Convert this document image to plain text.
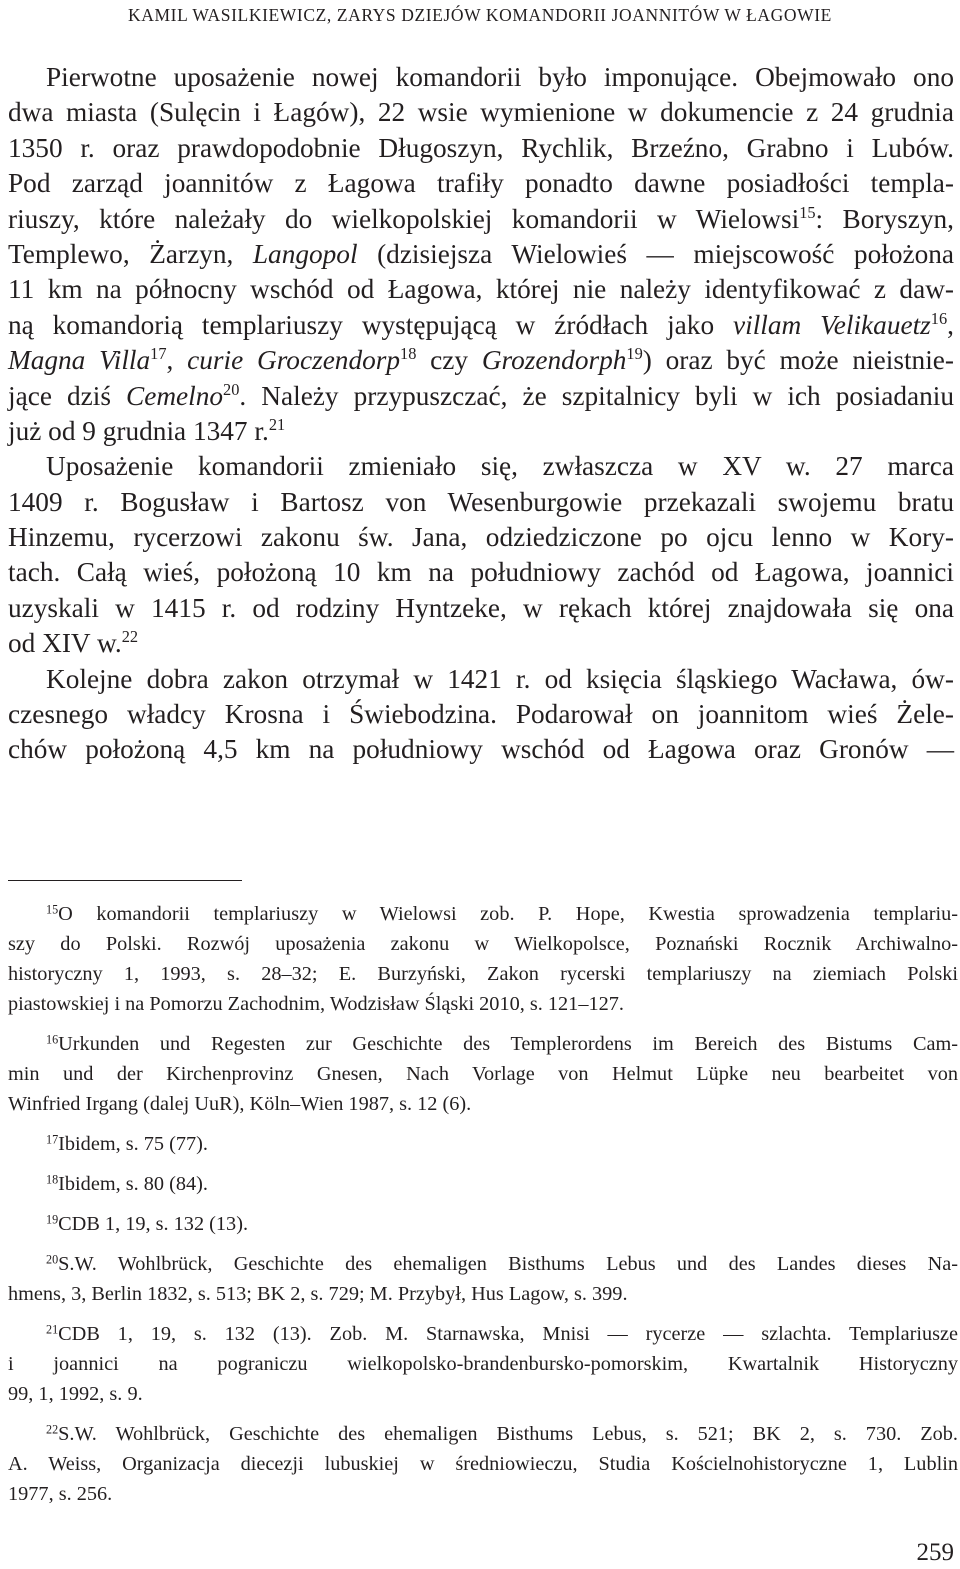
KAMIL WASILKIEWICZ, ZARYS DZIEJÓW KOMANDORII JOANNITÓW W ŁAGOWIE
Pierwotne uposażenie nowej komandorii było imponujące. Obejmowało ono
dwa miasta (Sulęcin i Łagów), 22 wsie wymienione w dokumencie z 24 grudnia
1350 r. oraz prawdopodobnie Długoszyn, Rychlik, Brzeźno, Grabno i Lubów.
Pod zarząd joannitów z Łagowa trafiły ponadto dawne posiadłości templa-
riuszy, które należały do wielkopolskiej komandorii w Wielowsi$^{15}$: Boryszyn,
Templewo, Żarzyn, Langopol (dzisiejsza Wielowieś — miejscowość położona
11 km na północny wschód od Łagowa, której nie należy identyfikować z daw-
ną komandorią templariuszy występującą w źródłach jako villam Velikauetz$^{16}$,
Magna Villa$^{17}$, curie Groczendorp$^{18}$ czy Grozendorph$^{19}$) oraz być może nieistnie-
jące dziś Cemelno$^{20}$. Należy przypuszczać, że szpitalnicy byli w ich posiadaniu
już od 9 grudnia 1347 r.$^{21}$
Uposażenie komandorii zmieniało się, zwłaszcza w XV w. 27 marca
1409 r. Bogusław i Bartosz von Wesenburgowie przekazali swojemu bratu
Hinzemu, rycerzowi zakonu św. Jana, odziedziczone po ojcu lenno w Kory-
tach. Całą wieś, położoną 10 km na południowy zachód od Łagowa, joannici
uzyskali w 1415 r. od rodziny Hyntzeke, w rękach której znajdowała się ona
od XIV w.$^{22}$
Kolejne dobra zakon otrzymał w 1421 r. od księcia śląskiego Wacława, ów-
czesnego władcy Krosna i Świebodzina. Podarował on joannitom wieś Żele-
chów położoną 4,5 km na południowy wschód od Łagowa oraz Gronów —
$^{15}$O komandorii templariuszy w Wielowsi zob. P. Hope, Kwestia sprowadzenia templariu-
szy do Polski. Rozwój uposażenia zakonu w Wielkopolsce, Poznański Rocznik Archiwalno-
historyczny 1, 1993, s. 28–32; E. Burzyński, Zakon rycerski templariuszy na ziemiach Polski
piastowskiej i na Pomorzu Zachodnim, Wodzisław Śląski 2010, s. 121–127.
$^{16}$Urkunden und Regesten zur Geschichte des Templerordens im Bereich des Bistums Cam-
min und der Kirchenprovinz Gnesen, Nach Vorlage von Helmut Lüpke neu bearbeitet von
Winfried Irgang (dalej UuR), Köln–Wien 1987, s. 12 (6).
$^{17}$Ibidem, s. 75 (77).
$^{18}$Ibidem, s. 80 (84).
$^{19}$CDB 1, 19, s. 132 (13).
$^{20}$S.W. Wohlbrück, Geschichte des ehemaligen Bisthums Lebus und des Landes dieses Na-
hmens, 3, Berlin 1832, s. 513; BK 2, s. 729; M. Przybył, Hus Lagow, s. 399.
$^{21}$CDB 1, 19, s. 132 (13). Zob. M. Starnawska, Mnisi — rycerze — szlachta. Templariusze
i joannici na pograniczu wielkopolsko-brandenbursko-pomorskim, Kwartalnik Historyczny
99, 1, 1992, s. 9.
$^{22}$S.W. Wohlbrück, Geschichte des ehemaligen Bisthums Lebus, s. 521; BK 2, s. 730. Zob.
A. Weiss, Organizacja diecezji lubuskiej w średniowieczu, Studia Kościelnohistoryczne 1, Lublin
1977, s. 256.
259
